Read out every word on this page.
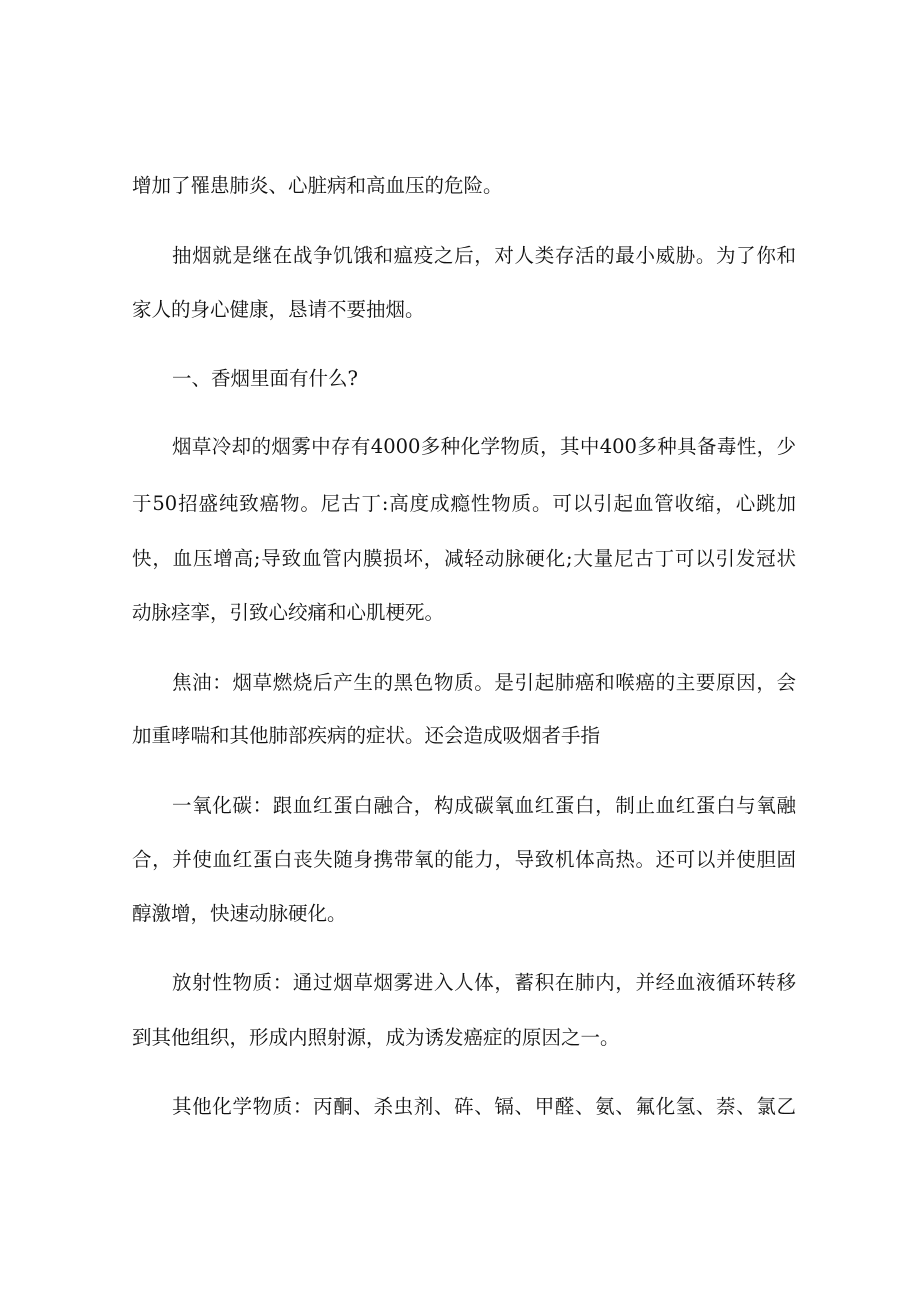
增加了罹患肺炎、心脏病和高血压的危险。
抽烟就是继在战争饥饿和瘟疫之后，对人类存活的最小威胁。为了你和
家人的身心健康，恳请不要抽烟。
一、香烟里面有什么?
烟草冷却的烟雾中存有4000多种化学物质，其中400多种具备毒性，少
于50招盛纯致癌物。尼古丁:高度成瘾性物质。可以引起血管收缩，心跳加
快，血压增高;导致血管内膜损坏，减轻动脉硬化;大量尼古丁可以引发冠状
动脉痉挛，引致心绞痛和心肌梗死。
焦油：烟草燃烧后产生的黑色物质。是引起肺癌和喉癌的主要原因，会
加重哮喘和其他肺部疾病的症状。还会造成吸烟者手指
一氧化碳：跟血红蛋白融合，构成碳氧血红蛋白，制止血红蛋白与氧融
合，并使血红蛋白丧失随身携带氧的能力，导致机体高热。还可以并使胆固
醇激增，快速动脉硬化。
放射性物质：通过烟草烟雾进入人体，蓄积在肺内，并经血液循环转移
到其他组织，形成内照射源，成为诱发癌症的原因之一。
其他化学物质：丙酮、杀虫剂、砗、镉、甲醛、氨、氟化氢、萘、氯乙
